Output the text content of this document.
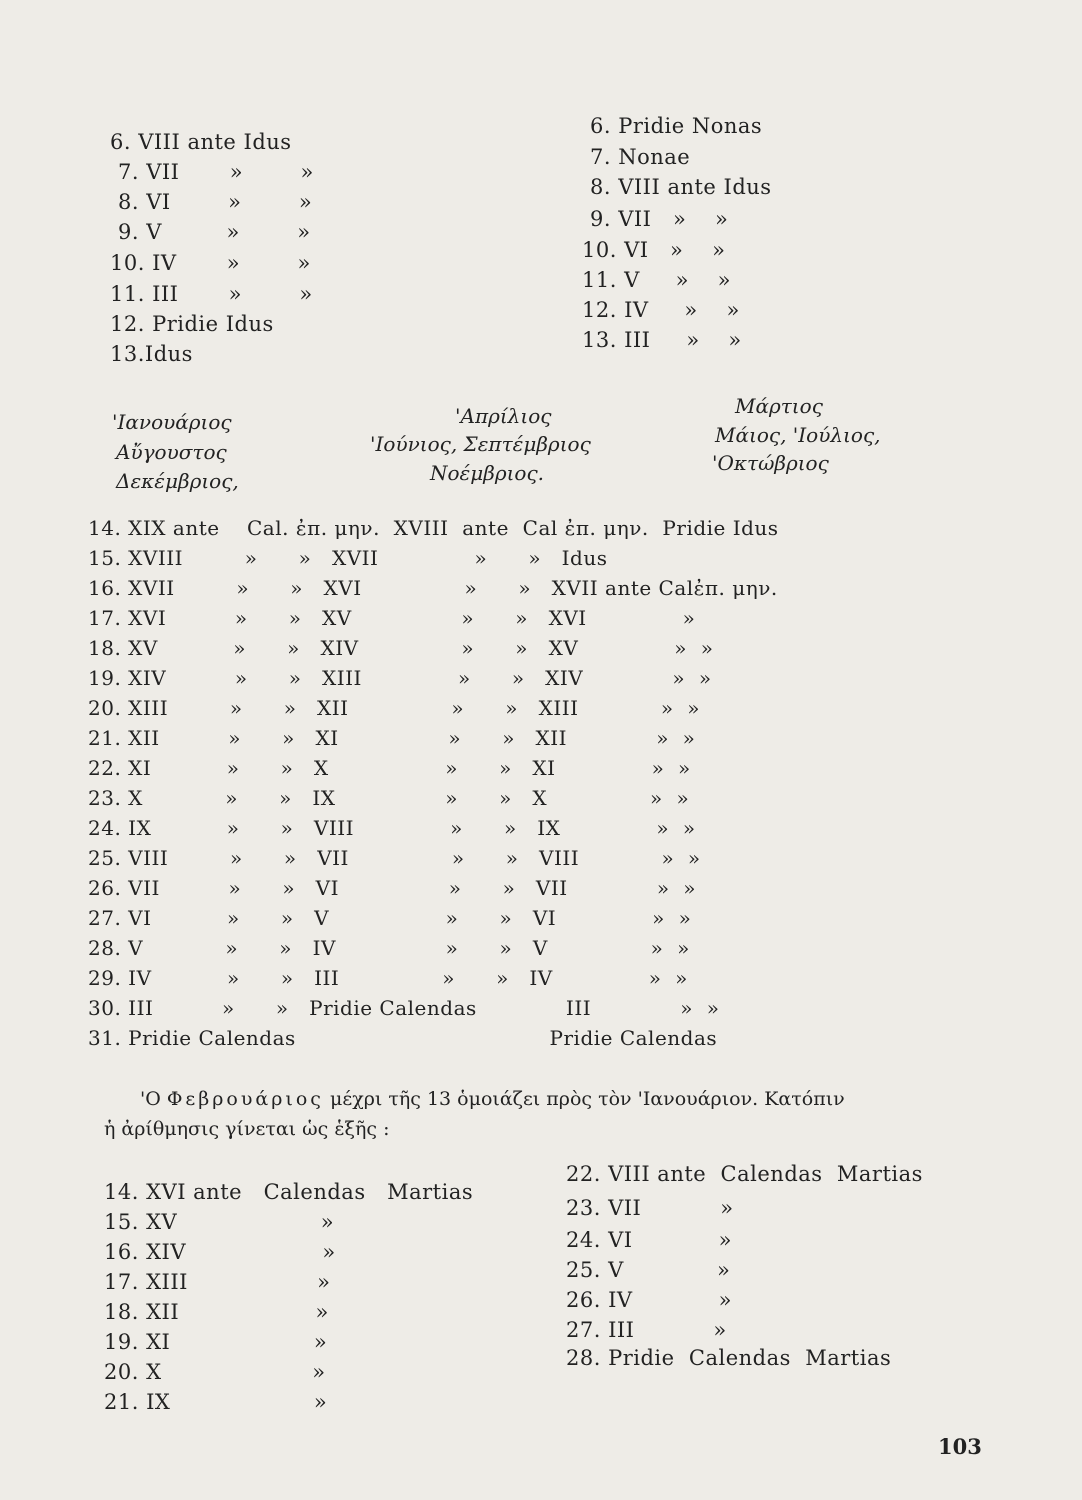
6. VIII ante Idus
7. VII       »        »
8. VI        »        »
9. V         »        »
10. IV       »        »
11. III       »        »
12. Pridie Idus
13.Idus
6. Pridie Nonas
7. Nonae
8. VIII ante Idus
9. VII   »    »
10. VI   »    »
11. V     »    »
12. IV     »    »
13. III     »    »
'Ιανουάριος
Αὔγουστος
Δεκέμβριος,
'Απρίλιος
'Ιούνιος, Σεπτέμβριος
Νοέμβριος.
Μάρτιος
Μάιος, 'Ιούλιος,
'Οκτώβριος
14. XIX ante    Cal. ἐπ. μην.  XVIII  ante  Cal ἐπ. μην.  Pridie Idus
15. XVIII         »      »   XVII              »      »   Idus
16. XVII         »      »   XVI               »      »   XVII ante Calἐπ. μην.
17. XVI          »      »   XV                »      »   XVI              »
18. XV           »      »   XIV               »      »   XV              »  »
19. XIV          »      »   XIII              »      »   XIV             »  »
20. XIII         »      »   XII               »      »   XIII            »  »
21. XII          »      »   XI                »      »   XII             »  »
22. XI           »      »   X                 »      »   XI              »  »
23. X            »      »   IX                »      »   X               »  »
24. IX           »      »   VIII              »      »   IX              »  »
25. VIII         »      »   VII               »      »   VIII            »  »
26. VII          »      »   VI                »      »   VII             »  »
27. VI           »      »   V                 »      »   VI              »  »
28. V            »      »   IV                »      »   V               »  »
29. IV           »      »   III               »      »   IV              »  »
30. III          »      »   Pridie Calendas             III             »  »
31. Pridie Calendas                                     Pridie Calendas
'Ο Φεβρουάριος μέχρι τῆς 13 ὁμοιάζει πρὸς τὸν 'Ιανουάριον. Κατόπιν
ἡ ἀρίθμησις γίνεται ὡς ἑξῆς :
14. XVI ante   Calendas   Martias
15. XV                    »
16. XIV                   »
17. XIII                  »
18. XII                   »
19. XI                    »
20. X                     »
21. IX                    »
22. VIII ante  Calendas  Martias
23. VII           »
24. VI            »
25. V             »
26. IV            »
27. III           »
28. Pridie  Calendas  Martias
103
